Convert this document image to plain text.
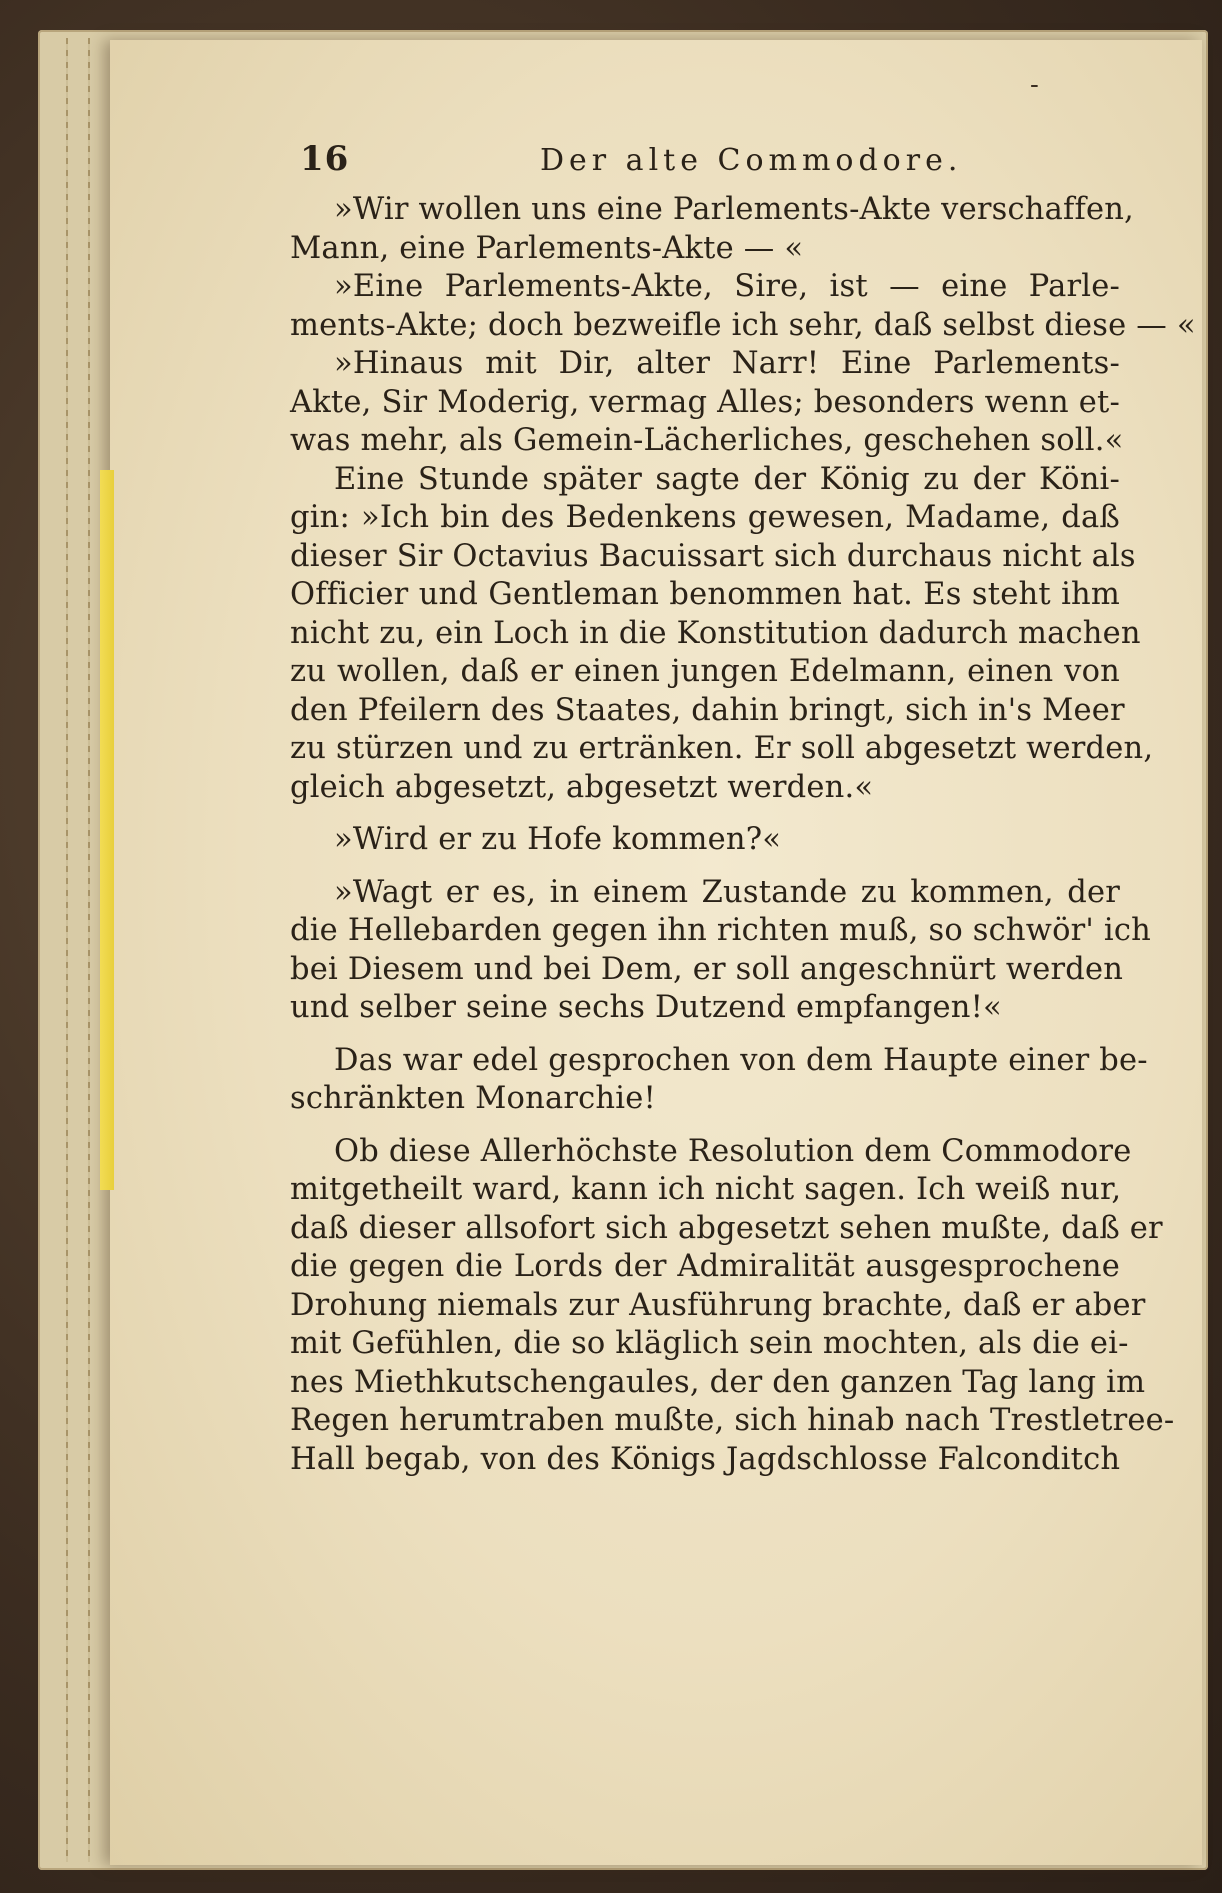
-
16	Der alte Commodore.
»Wir wollen uns eine Parlements-Akte verschaffen,
Mann, eine Parlements-Akte — «
»Eine Parlements-Akte, Sire, ist — eine Parle-
ments-Akte; doch bezweifle ich sehr, daß selbst diese — «
»Hinaus mit Dir, alter Narr! Eine Parlements-
Akte, Sir Moderig, vermag Alles; besonders wenn et-
was mehr, als Gemein-Lächerliches, geschehen soll.«
Eine Stunde später sagte der König zu der Köni-
gin: »Ich bin des Bedenkens gewesen, Madame, daß
dieser Sir Octavius Bacuissart sich durchaus nicht als
Officier und Gentleman benommen hat. Es steht ihm
nicht zu, ein Loch in die Konstitution dadurch machen
zu wollen, daß er einen jungen Edelmann, einen von
den Pfeilern des Staates, dahin bringt, sich in's Meer
zu stürzen und zu ertränken. Er soll abgesetzt werden,
gleich abgesetzt, abgesetzt werden.«
»Wird er zu Hofe kommen?«
»Wagt er es, in einem Zustande zu kommen, der
die Hellebarden gegen ihn richten muß, so schwör' ich
bei Diesem und bei Dem, er soll angeschnürt werden
und selber seine sechs Dutzend empfangen!«
Das war edel gesprochen von dem Haupte einer be-
schränkten Monarchie!
Ob diese Allerhöchste Resolution dem Commodore
mitgetheilt ward, kann ich nicht sagen. Ich weiß nur,
daß dieser allsofort sich abgesetzt sehen mußte, daß er
die gegen die Lords der Admiralität ausgesprochene
Drohung niemals zur Ausführung brachte, daß er aber
mit Gefühlen, die so kläglich sein mochten, als die ei-
nes Miethkutschengaules, der den ganzen Tag lang im
Regen herumtraben mußte, sich hinab nach Trestletree-
Hall begab, von des Königs Jagdschlosse Falconditch
